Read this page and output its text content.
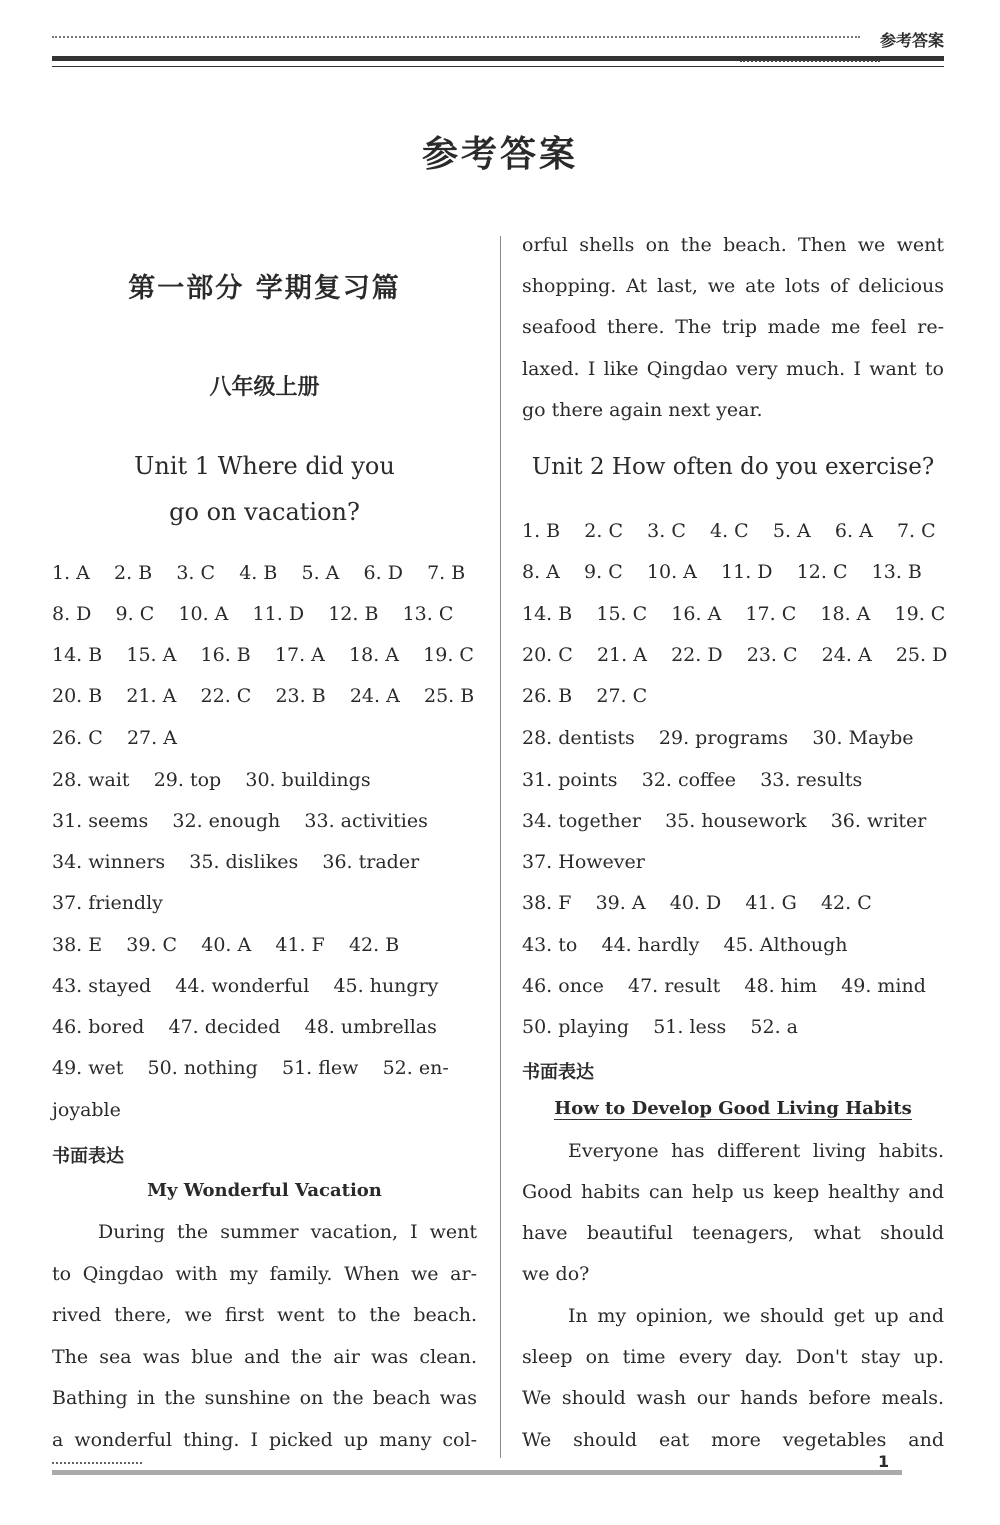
参考答案
参考答案
第一部分 学期复习篇
八年级上册
Unit 1 Where did you
go on vacation?
1. A    2. B    3. C    4. B    5. A    6. D    7. B
8. D    9. C    10. A    11. D    12. B    13. C
14. B    15. A    16. B    17. A    18. A    19. C
20. B    21. A    22. C    23. B    24. A    25. B
26. C    27. A
28. wait    29. top    30. buildings
31. seems    32. enough    33. activities
34. winners    35. dislikes    36. trader
37. friendly
38. E    39. C    40. A    41. F    42. B
43. stayed    44. wonderful    45. hungry
46. bored    47. decided    48. umbrellas
49. wet    50. nothing    51. flew    52. en-
joyable
书面表达
My Wonderful Vacation
During the summer vacation, I went
to Qingdao with my family. When we ar-
rived there, we first went to the beach.
The sea was blue and the air was clean.
Bathing in the sunshine on the beach was
a wonderful thing. I picked up many col-
orful shells on the beach. Then we went
shopping. At last, we ate lots of delicious
seafood there. The trip made me feel re-
laxed. I like Qingdao very much. I want to
go there again next year.
Unit 2 How often do you exercise?
1. B    2. C    3. C    4. C    5. A    6. A    7. C
8. A    9. C    10. A    11. D    12. C    13. B
14. B    15. C    16. A    17. C    18. A    19. C
20. C    21. A    22. D    23. C    24. A    25. D
26. B    27. C
28. dentists    29. programs    30. Maybe
31. points    32. coffee    33. results
34. together    35. housework    36. writer
37. However
38. F    39. A    40. D    41. G    42. C
43. to    44. hardly    45. Although
46. once    47. result    48. him    49. mind
50. playing    51. less    52. a
书面表达
How to Develop Good Living Habits
Everyone has different living habits.
Good habits can help us keep healthy and
have beautiful teenagers, what should
we do?
In my opinion, we should get up and
sleep on time every day. Don't stay up.
We should wash our hands before meals.
We should eat more vegetables and
1
